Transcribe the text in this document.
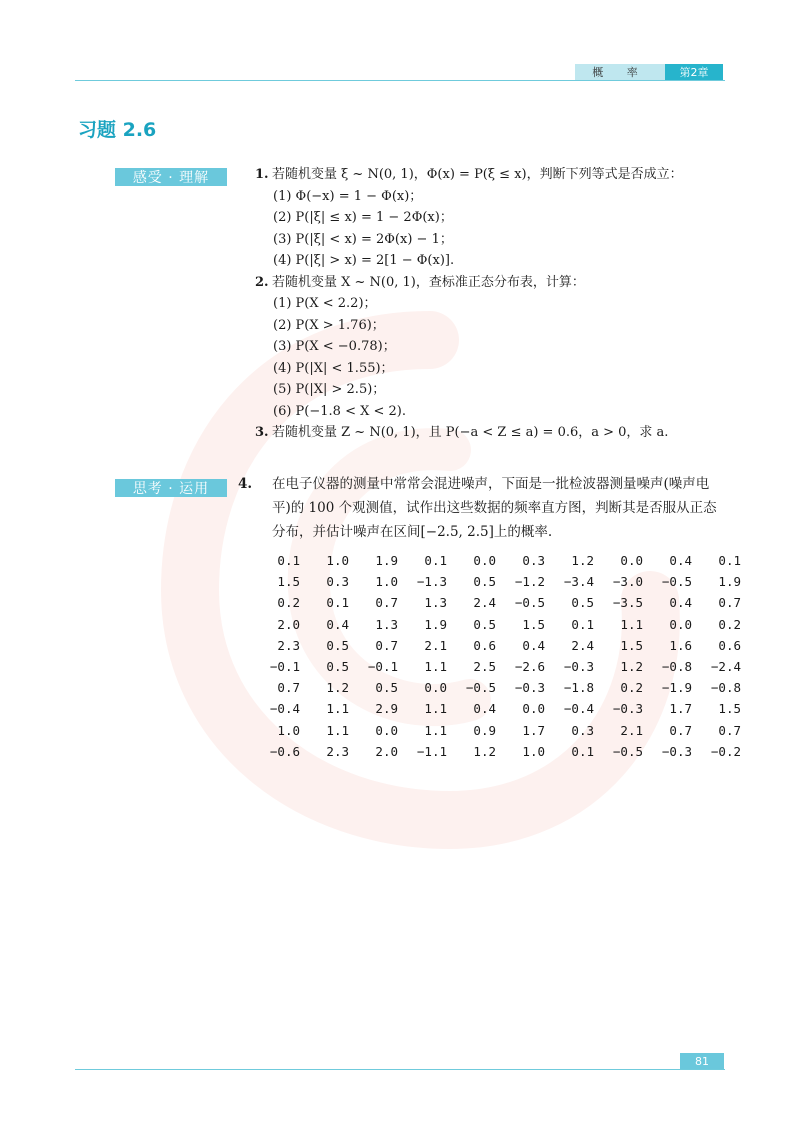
概 率	第2章
习题 2.6
感受 · 理解
思考 · 运用
1. 若随机变量 ξ ~ N(0, 1)，Φ(x) = P(ξ ≤ x)，判断下列等式是否成立：
(1) Φ(−x) = 1 − Φ(x)；
(2) P(|ξ| ≤ x) = 1 − 2Φ(x)；
(3) P(|ξ| < x) = 2Φ(x) − 1；
(4) P(|ξ| > x) = 2[1 − Φ(x)].
2. 若随机变量 X ~ N(0, 1)，查标准正态分布表，计算：
(1) P(X < 2.2)；
(2) P(X > 1.76)；
(3) P(X < −0.78)；
(4) P(|X| < 1.55)；
(5) P(|X| > 2.5)；
(6) P(−1.8 < X < 2).
3. 若随机变量 Z ~ N(0, 1)，且 P(−a < Z ≤ a) = 0.6，a > 0，求 a.
4. 在电子仪器的测量中常常会混进噪声，下面是一批检波器测量噪声(噪声电平)的 100 个观测值，试作出这些数据的频率直方图，判断其是否服从正态分布，并估计噪声在区间[−2.5, 2.5]上的概率.
0.1	1.0	1.9	0.1	0.0	0.3	1.2	0.0	0.4	0.1
1.5	0.3	1.0	−1.3	0.5	−1.2	−3.4	−3.0	−0.5	1.9
0.2	0.1	0.7	1.3	2.4	−0.5	0.5	−3.5	0.4	0.7
2.0	0.4	1.3	1.9	0.5	1.5	0.1	1.1	0.0	0.2
2.3	0.5	0.7	2.1	0.6	0.4	2.4	1.5	1.6	0.6
−0.1	0.5	−0.1	1.1	2.5	−2.6	−0.3	1.2	−0.8	−2.4
0.7	1.2	0.5	0.0	−0.5	−0.3	−1.8	0.2	−1.9	−0.8
−0.4	1.1	2.9	1.1	0.4	0.0	−0.4	−0.3	1.7	1.5
1.0	1.1	0.0	1.1	0.9	1.7	0.3	2.1	0.7	0.7
−0.6	2.3	2.0	−1.1	1.2	1.0	0.1	−0.5	−0.3	−0.2
81
